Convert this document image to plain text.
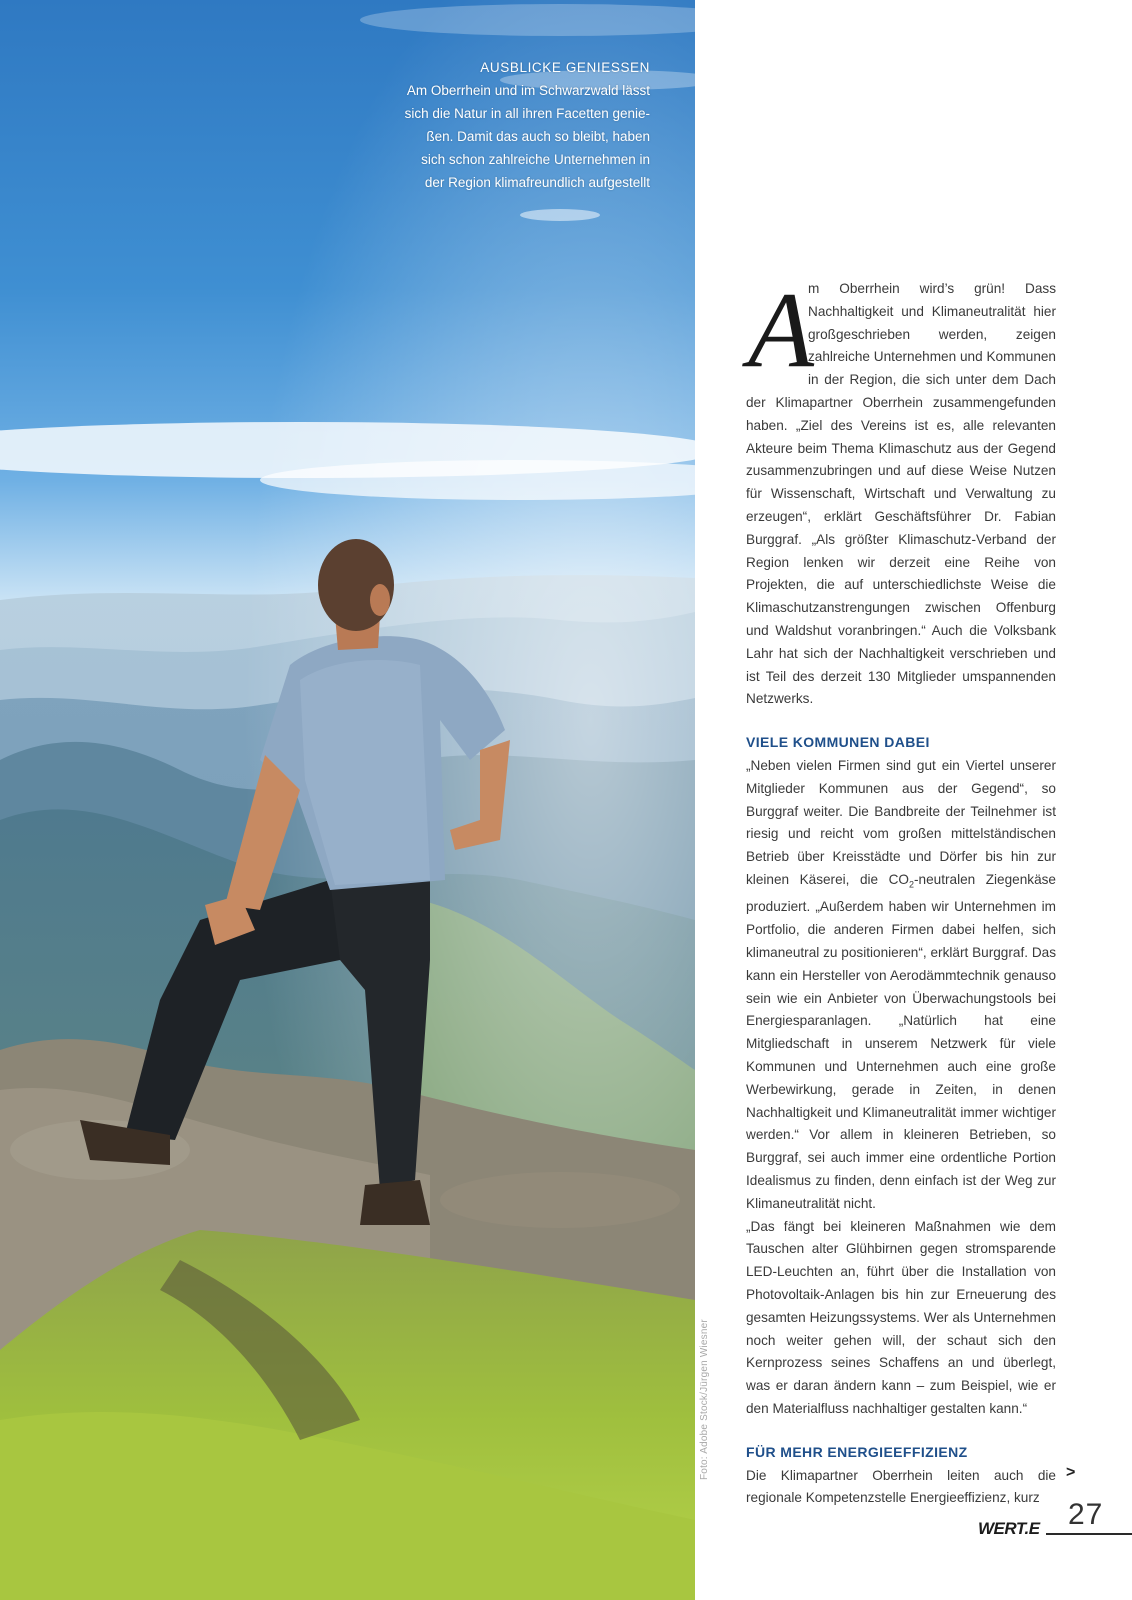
AUSBLICKE GENIESSEN
Am Oberrhein und im Schwarzwald lässt
sich die Natur in all ihren Facetten genie-
ßen. Damit das auch so bleibt, haben
sich schon zahlreiche Unternehmen in
der Region klimafreundlich aufgestellt
Foto: Adobe Stock/Jürgen Wiesner

A
m Oberrhein wird’s grün! Dass Nachhaltigkeit und Klimaneutralität hier großgeschrieben werden, zeigen zahlreiche Unternehmen und Kommunen in der Region, die sich unter dem Dach der Klimapartner Oberrhein zusammengefunden haben. „Ziel des Vereins ist es, alle relevanten Akteure beim Thema Klimaschutz aus der Gegend zusammenzubringen und auf diese Weise Nutzen für Wissenschaft, Wirtschaft und Verwaltung zu erzeugen“, erklärt Geschäftsführer Dr. Fabian Burggraf. „Als größter Klimaschutz-Verband der Region lenken wir derzeit eine Reihe von Projekten, die auf unterschiedlichste Weise die Klimaschutzanstrengungen zwischen Offenburg und Waldshut voranbringen.“ Auch die Volksbank Lahr hat sich der Nachhaltigkeit verschrieben und ist Teil des derzeit 130 Mitglieder umspannenden Netzwerks.

VIELE KOMMUNEN DABEI

„Neben vielen Firmen sind gut ein Viertel unserer Mitglieder Kommunen aus der Gegend“, so Burggraf weiter. Die Bandbreite der Teilnehmer ist riesig und reicht vom großen mittelständischen Betrieb über Kreisstädte und Dörfer bis hin zur kleinen Käserei, die $CO_2$-neutralen Ziegenkäse produziert. „Außerdem haben wir Unternehmen im Portfolio, die anderen Firmen dabei helfen, sich klimaneutral zu positionieren“, erklärt Burggraf. Das kann ein Hersteller von Aerodämmtechnik genauso sein wie ein Anbieter von Überwachungstools bei Energiesparanlagen. „Natürlich hat eine Mitgliedschaft in unserem Netzwerk für viele Kommunen und Unternehmen auch eine große Werbewirkung, gerade in Zeiten, in denen Nachhaltigkeit und Klimaneutralität immer wichtiger werden.“ Vor allem in kleineren Betrieben, so Burggraf, sei auch immer eine ordentliche Portion Idealismus zu finden, denn einfach ist der Weg zur Klimaneutralität nicht.

„Das fängt bei kleineren Maßnahmen wie dem Tauschen alter Glühbirnen gegen stromsparende LED-Leuchten an, führt über die Installation von Photovoltaik-Anlagen bis hin zur Erneuerung des gesamten Heizungssystems. Wer als Unternehmen noch weiter gehen will, der schaut sich den Kernprozess seines Schaffens an und überlegt, was er daran ändern kann – zum Beispiel, wie er den Materialfluss nachhaltiger gestalten kann.“

FÜR MEHR ENERGIEEFFIZIENZ

Die Klimapartner Oberrhein leiten auch die regionale Kompetenzstelle Energieeffizienz, kurz

>
WERT.E 27
